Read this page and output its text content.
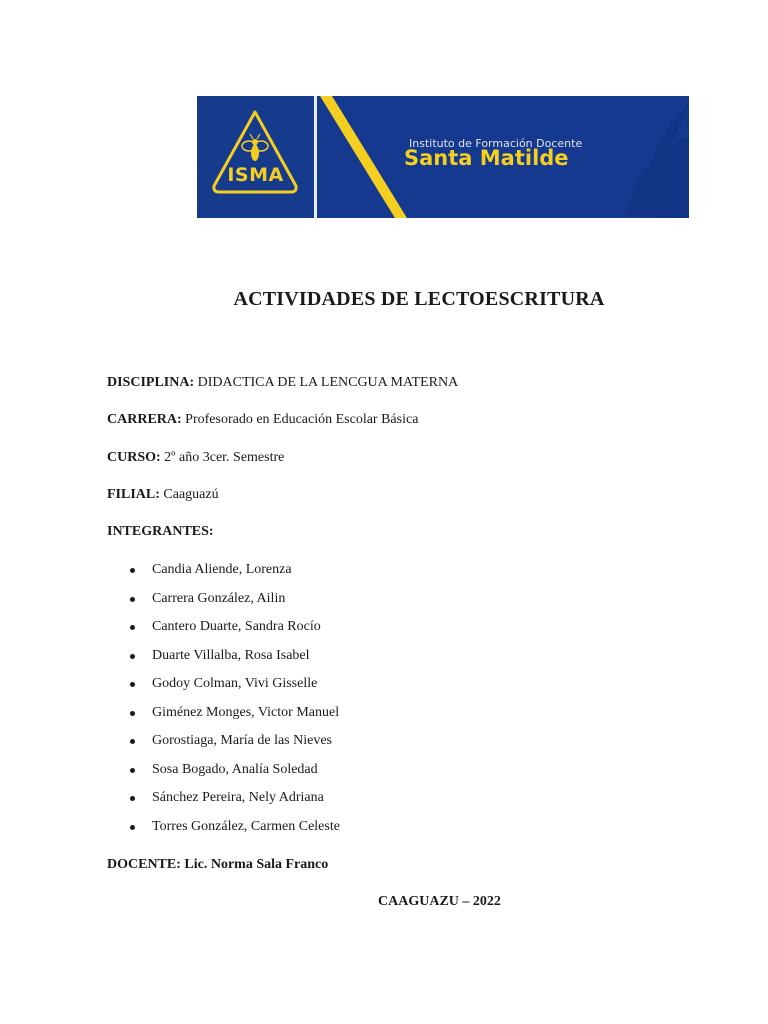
ISMA
Instituto de Formación Docente
Santa Matilde
ACTIVIDADES DE LECTOESCRITURA
DISCIPLINA: DIDACTICA DE LA LENCGUA MATERNA
CARRERA: Profesorado en Educación Escolar Básica
CURSO: 2º año 3cer. Semestre
FILIAL: Caaguazú
INTEGRANTES:
Candia Aliende, Lorenza
Carrera González, Ailin
Cantero Duarte, Sandra Rocío
Duarte Villalba, Rosa Isabel
Godoy Colman, Vivi Gisselle
Giménez Monges, Victor Manuel
Gorostiaga, María de las Nieves
Sosa Bogado, Analía Soledad
Sánchez Pereira, Nely Adriana
Torres González, Carmen Celeste
DOCENTE: Lic. Norma Sala Franco
CAAGUAZU – 2022
